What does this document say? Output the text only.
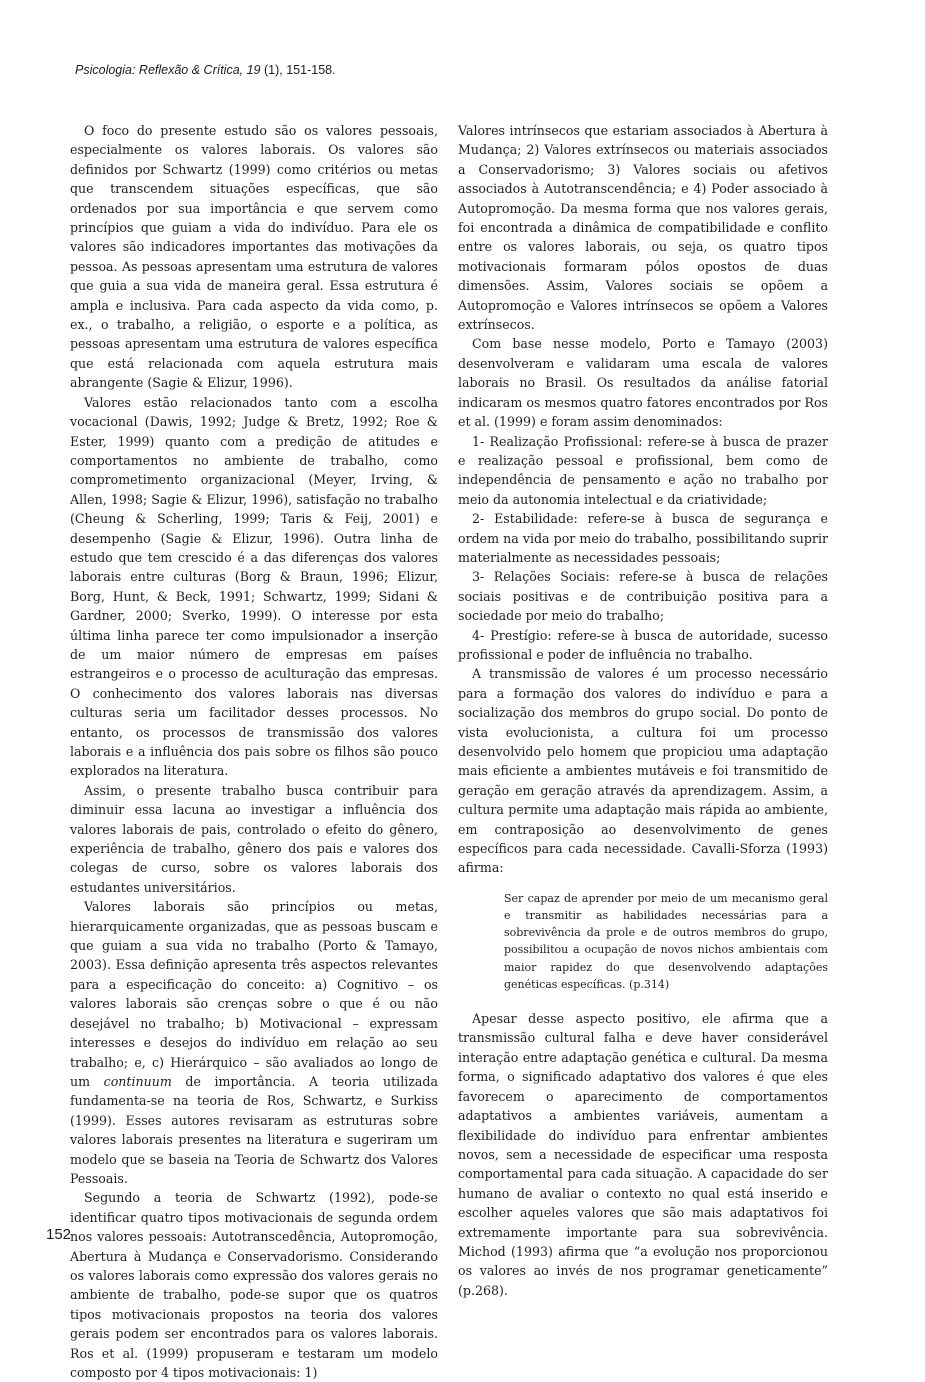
Psicologia: Reflexão & Crítica, 19 (1), 151-158.

O foco do presente estudo são os valores pessoais, especialmente os valores laborais. Os valores são definidos por Schwartz (1999) como critérios ou metas que transcendem situações específicas, que são ordenados por sua importância e que servem como princípios que guiam a vida do indivíduo. Para ele os valores são indicadores importantes das motivações da pessoa. As pessoas apresentam uma estrutura de valores que guia a sua vida de maneira geral. Essa estrutura é ampla e inclusiva. Para cada aspecto da vida como, p. ex., o trabalho, a religião, o esporte e a política, as pessoas apresentam uma estrutura de valores específica que está relacionada com aquela estrutura mais abrangente (Sagie & Elizur, 1996).

Valores estão relacionados tanto com a escolha vocacional (Dawis, 1992; Judge & Bretz, 1992; Roe & Ester, 1999) quanto com a predição de atitudes e comportamentos no ambiente de trabalho, como comprometimento organizacional (Meyer, Irving, & Allen, 1998; Sagie & Elizur, 1996), satisfação no trabalho (Cheung & Scherling, 1999; Taris & Feij, 2001) e desempenho (Sagie & Elizur, 1996). Outra linha de estudo que tem crescido é a das diferenças dos valores laborais entre culturas (Borg & Braun, 1996; Elizur, Borg, Hunt, & Beck, 1991; Schwartz, 1999; Sidani & Gardner, 2000; Sverko, 1999). O interesse por esta última linha parece ter como impulsionador a inserção de um maior número de empresas em países estrangeiros e o processo de aculturação das empresas. O conhecimento dos valores laborais nas diversas culturas seria um facilitador desses processos. No entanto, os processos de transmissão dos valores laborais e a influência dos pais sobre os filhos são pouco explorados na literatura.

Assim, o presente trabalho busca contribuir para diminuir essa lacuna ao investigar a influência dos valores laborais de pais, controlado o efeito do gênero, experiência de trabalho, gênero dos pais e valores dos colegas de curso, sobre os valores laborais dos estudantes universitários.

Valores laborais são princípios ou metas, hierarquicamente organizadas, que as pessoas buscam e que guiam a sua vida no trabalho (Porto & Tamayo, 2003). Essa definição apresenta três aspectos relevantes para a especificação do conceito: a) Cognitivo – os valores laborais são crenças sobre o que é ou não desejável no trabalho; b) Motivacional – expressam interesses e desejos do indivíduo em relação ao seu trabalho; e, c) Hierárquico – são avaliados ao longo de um continuum de importância. A teoria utilizada fundamenta-se na teoria de Ros, Schwartz, e Surkiss (1999). Esses autores revisaram as estruturas sobre valores laborais presentes na literatura e sugeriram um modelo que se baseia na Teoria de Schwartz dos Valores Pessoais.

Segundo a teoria de Schwartz (1992), pode-se identificar quatro tipos motivacionais de segunda ordem nos valores pessoais: Autotranscedência, Autopromoção, Abertura à Mudança e Conservadorismo. Considerando os valores laborais como expressão dos valores gerais no ambiente de trabalho, pode-se supor que os quatros tipos motivacionais propostos na teoria dos valores gerais podem ser encontrados para os valores laborais. Ros et al. (1999) propuseram e testaram um modelo composto por 4 tipos motivacionais: 1)

Valores intrínsecos que estariam associados à Abertura à Mudança; 2) Valores extrínsecos ou materiais associados a Conservadorismo; 3) Valores sociais ou afetivos associados à Autotranscendência; e 4) Poder associado à Autopromoção. Da mesma forma que nos valores gerais, foi encontrada a dinâmica de compatibilidade e conflito entre os valores laborais, ou seja, os quatro tipos motivacionais formaram pólos opostos de duas dimensões. Assim, Valores sociais se opõem a Autopromoção e Valores intrínsecos se opõem a Valores extrínsecos.

Com base nesse modelo, Porto e Tamayo (2003) desenvolveram e validaram uma escala de valores laborais no Brasil. Os resultados da análise fatorial indicaram os mesmos quatro fatores encontrados por Ros et al. (1999) e foram assim denominados:

1- Realização Profissional: refere-se à busca de prazer e realização pessoal e profissional, bem como de independência de pensamento e ação no trabalho por meio da autonomia intelectual e da criatividade;

2- Estabilidade: refere-se à busca de segurança e ordem na vida por meio do trabalho, possibilitando suprir materialmente as necessidades pessoais;

3- Relações Sociais: refere-se à busca de relações sociais positivas e de contribuição positiva para a sociedade por meio do trabalho;

4- Prestígio: refere-se à busca de autoridade, sucesso profissional e poder de influência no trabalho.

A transmissão de valores é um processo necessário para a formação dos valores do indivíduo e para a socialização dos membros do grupo social. Do ponto de vista evolucionista, a cultura foi um processo desenvolvido pelo homem que propiciou uma adaptação mais eficiente a ambientes mutáveis e foi transmitido de geração em geração através da aprendizagem. Assim, a cultura permite uma adaptação mais rápida ao ambiente, em contraposição ao desenvolvimento de genes específicos para cada necessidade. Cavalli-Sforza (1993) afirma:

Ser capaz de aprender por meio de um mecanismo geral e transmitir as habilidades necessárias para a sobrevivência da prole e de outros membros do grupo, possibilitou a ocupação de novos nichos ambientais com maior rapidez do que desenvolvendo adaptações genéticas específicas. (p.314)

Apesar desse aspecto positivo, ele afirma que a transmissão cultural falha e deve haver considerável interação entre adaptação genética e cultural. Da mesma forma, o significado adaptativo dos valores é que eles favorecem o aparecimento de comportamentos adaptativos a ambientes variáveis, aumentam a flexibilidade do indivíduo para enfrentar ambientes novos, sem a necessidade de especificar uma resposta comportamental para cada situação. A capacidade do ser humano de avaliar o contexto no qual está inserido e escolher aqueles valores que são mais adaptativos foi extremamente importante para sua sobrevivência. Michod (1993) afirma que “a evolução nos proporcionou os valores ao invés de nos programar geneticamente” (p.268).

152
